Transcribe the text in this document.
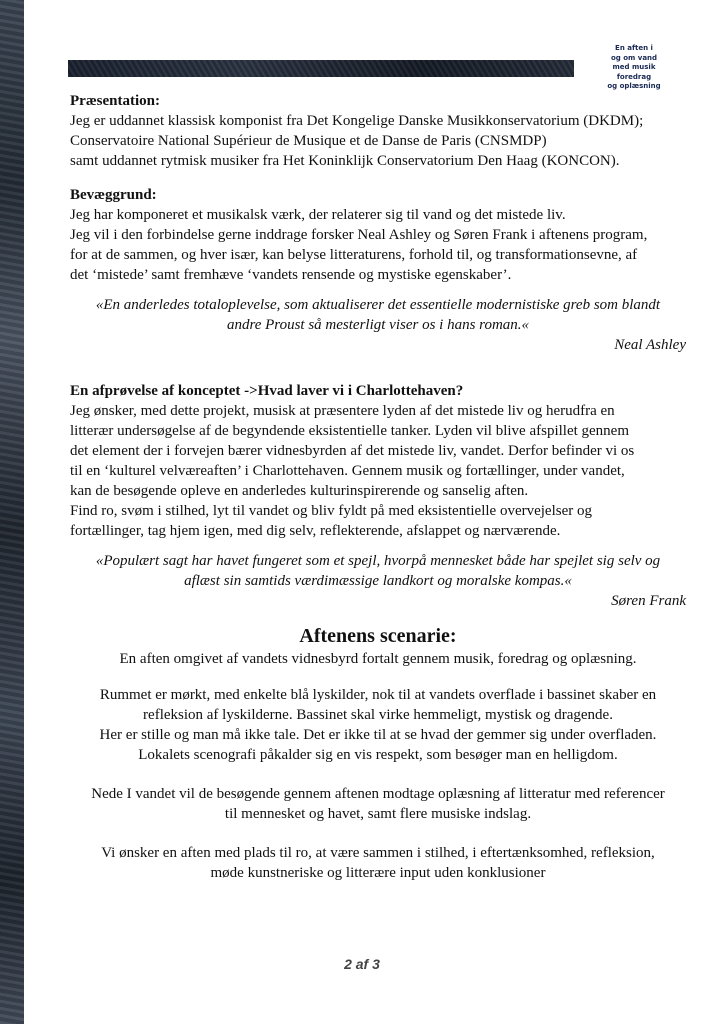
En aften i
og om vand
med musik
foredrag
og oplæsning

Præsentation:

Jeg er uddannet klassisk komponist fra Det Kongelige Danske Musikkonservatorium (DKDM);

Conservatoire National Supérieur de Musique et de Danse de Paris (CNSMDP)

samt uddannet rytmisk musiker fra Het Koninklijk Conservatorium Den Haag (KONCON).

Bevæggrund:

Jeg har komponeret et musikalsk værk, der relaterer sig til vand og det mistede liv.

Jeg vil i den forbindelse gerne inddrage forsker Neal Ashley og Søren Frank i aftenens program,

for at de sammen, og hver især, kan belyse litteraturens, forhold til, og transformationsevne, af

det ‘mistede’ samt fremhæve ‘vandets rensende og mystiske egenskaber’.

«En anderledes totaloplevelse, som aktualiserer det essentielle modernistiske greb som blandt

andre Proust så mesterligt viser os i hans roman.«

Neal Ashley

En afprøvelse af konceptet ->Hvad laver vi i Charlottehaven?

Jeg ønsker, med dette projekt, musisk at præsentere lyden af det mistede liv og herudfra en

litterær undersøgelse af de begyndende eksistentielle tanker. Lyden vil blive afspillet gennem

det element der i forvejen bærer vidnesbyrden af det mistede liv, vandet. Derfor befinder vi os

til en ‘kulturel velværeaften’ i Charlottehaven. Gennem musik og fortællinger, under vandet,

kan de besøgende opleve en anderledes kulturinspirerende og sanselig aften.

Find ro, svøm i stilhed, lyt til vandet og bliv fyldt på med eksistentielle overvejelser og

fortællinger, tag hjem igen, med dig selv, reflekterende, afslappet og nærværende.

«Populært sagt har havet fungeret som et spejl, hvorpå mennesket både har spejlet sig selv og

aflæst sin samtids værdimæssige landkort og moralske kompas.«

Søren Frank

Aftenens scenarie:

En aften omgivet af vandets vidnesbyrd fortalt gennem musik, foredrag og oplæsning.

Rummet er mørkt, med enkelte blå lyskilder, nok til at vandets overflade i bassinet skaber en

refleksion af lyskilderne. Bassinet skal virke hemmeligt, mystisk og dragende.

Her er stille og man må ikke tale. Det er ikke til at se hvad der gemmer sig under overfladen.

Lokalets scenografi påkalder sig en vis respekt, som besøger man en helligdom.

Nede I vandet vil de besøgende gennem aftenen modtage oplæsning af litteratur med referencer

til mennesket og havet, samt flere musiske indslag.

Vi ønsker en aften med plads til ro, at være sammen i stilhed, i eftertænksomhed, refleksion,

møde kunstneriske og litterære input uden konklusioner

2 af 3
